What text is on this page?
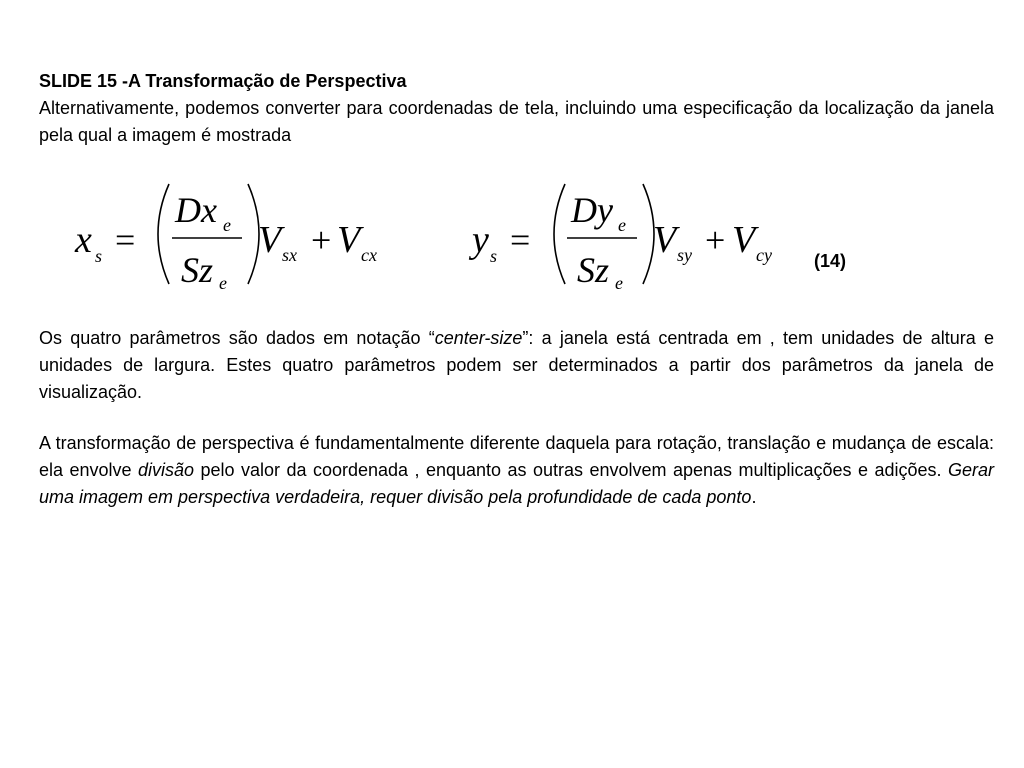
SLIDE 15 -A Transformação de Perspectiva

Alternativamente, podemos converter para coordenadas de tela, incluindo uma especificação da localização da janela pela qual a imagem é mostrada

Os quatro parâmetros são dados em notação “center-size”: a janela está centrada em , tem unidades de altura e unidades de largura. Estes quatro parâmetros podem ser determinados a partir dos parâmetros da janela de visualização.

A transformação de perspectiva é fundamentalmente diferente daquela para rotação, translação e mudança de escala: ela envolve divisão pelo valor da coordenada , enquanto as outras envolvem apenas multiplicações e adições. Gerar uma imagem em perspectiva verdadeira, requer divisão pela profundidade de cada ponto.

x s =
Dx e
Sz e
V sx + V cx	y s =
Dy e
Sz e
V sy + V cy (14)
